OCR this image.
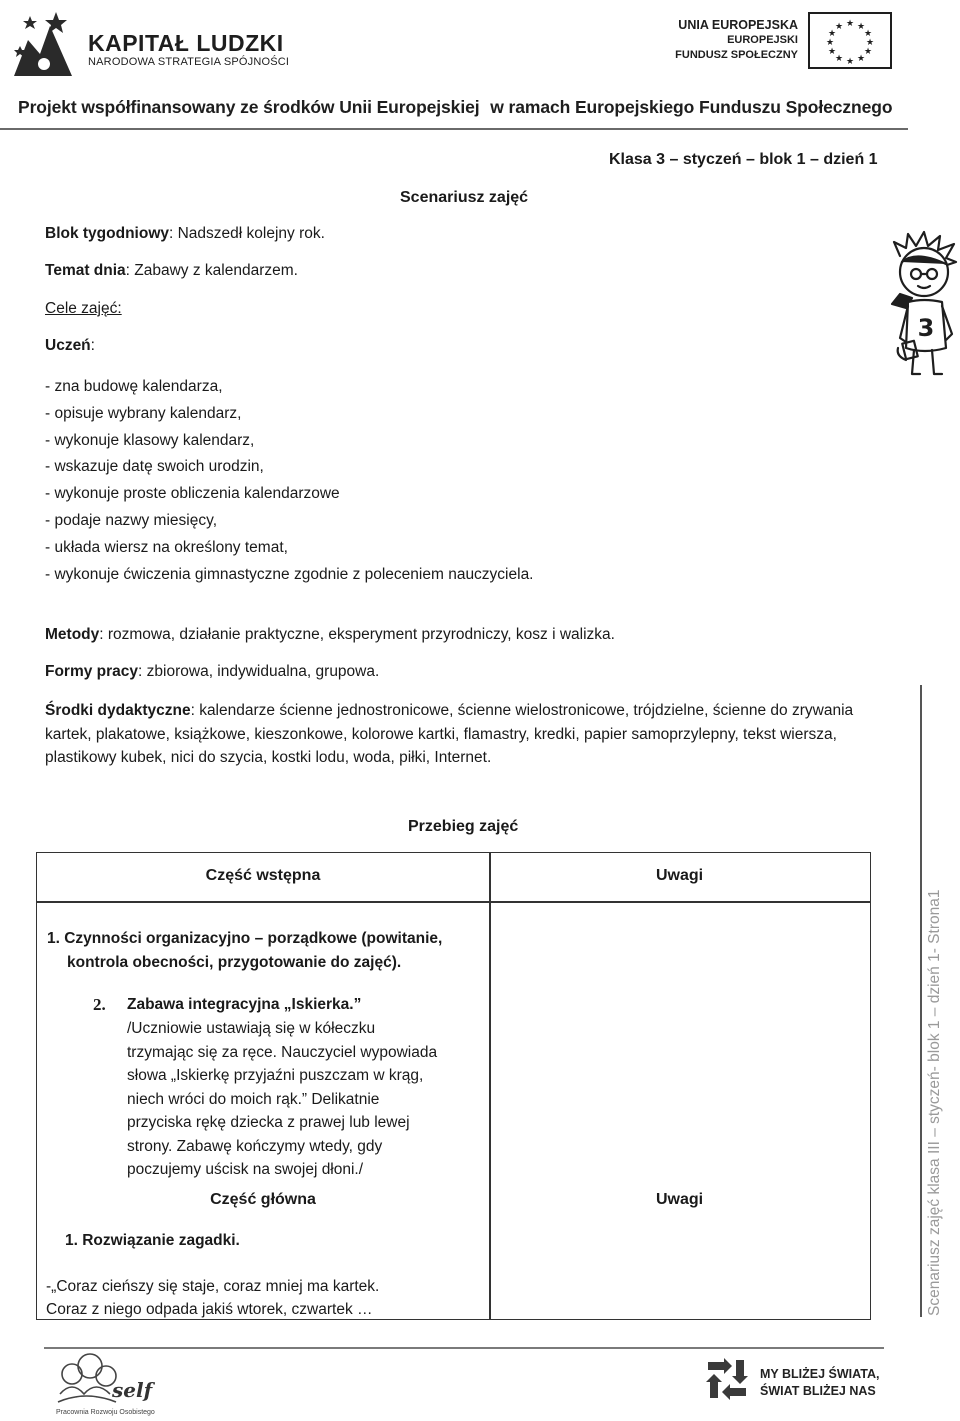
KAPITAŁ LUDZKI
NARODOWA STRATEGIA SPÓJNOŚCI
UNIA EUROPEJSKA
EUROPEJSKI
FUNDUSZ SPOŁECZNY
★ ★
★
★
★
★
★
★
★
★
★
★
Projekt współfinansowany ze środków Unii Europejskiej w ramach Europejskiego Funduszu Społecznego
Klasa 3 – styczeń – blok 1 – dzień 1
Scenariusz zajęć
Blok tygodniowy: Nadszedł kolejny rok.
Temat dnia: Zabawy z kalendarzem.
Cele zajęć:
Uczeń:
- zna budowę kalendarza,
- opisuje wybrany kalendarz,
- wykonuje klasowy kalendarz,
- wskazuje datę swoich urodzin,
- wykonuje proste obliczenia kalendarzowe
- podaje nazwy miesięcy,
- układa wiersz na określony temat,
- wykonuje ćwiczenia gimnastyczne zgodnie z poleceniem nauczyciela.
Metody: rozmowa, działanie praktyczne, eksperyment przyrodniczy, kosz i walizka.
Formy pracy: zbiorowa, indywidualna, grupowa.
Środki dydaktyczne: kalendarze ścienne jednostronicowe, ścienne wielostronicowe, trójdzielne, ścienne do zrywania kartek, plakatowe, książkowe, kieszonkowe, kolorowe kartki, flamastry, kredki, papier samoprzylepny, tekst wiersza, plastikowy kubek, nici do szycia, kostki lodu, woda, piłki, Internet.
Przebieg zajęć
3
Część wstępna	Uwagi
1. Czynności organizacyjno – porządkowe (powitanie,
kontrola obecności, przygotowanie do zajęć).
2. Zabawa integracyjna „Iskierka.”
/Uczniowie ustawiają się w kółeczku
trzymając się za ręce. Nauczyciel wypowiada
słowa „Iskierkę przyjaźni puszczam w krąg,
niech wróci do moich rąk.” Delikatnie
przyciska rękę dziecka z prawej lub lewej
strony. Zabawę kończymy wtedy, gdy
poczujemy uścisk na swojej dłoni./
Część główna	Uwagi
1. Rozwiązanie zagadki.
-„Coraz cieńszy się staje, coraz mniej ma kartek.
Coraz z niego odpada jakiś wtorek, czwartek …	Scenariusz zajęć klasa III – styczeń- blok 1 – dzień 1- Strona1
self
Pracownia Rozwoju Osobistego
MY BLIŻEJ ŚWIATA,
ŚWIAT BLIŻEJ NAS
